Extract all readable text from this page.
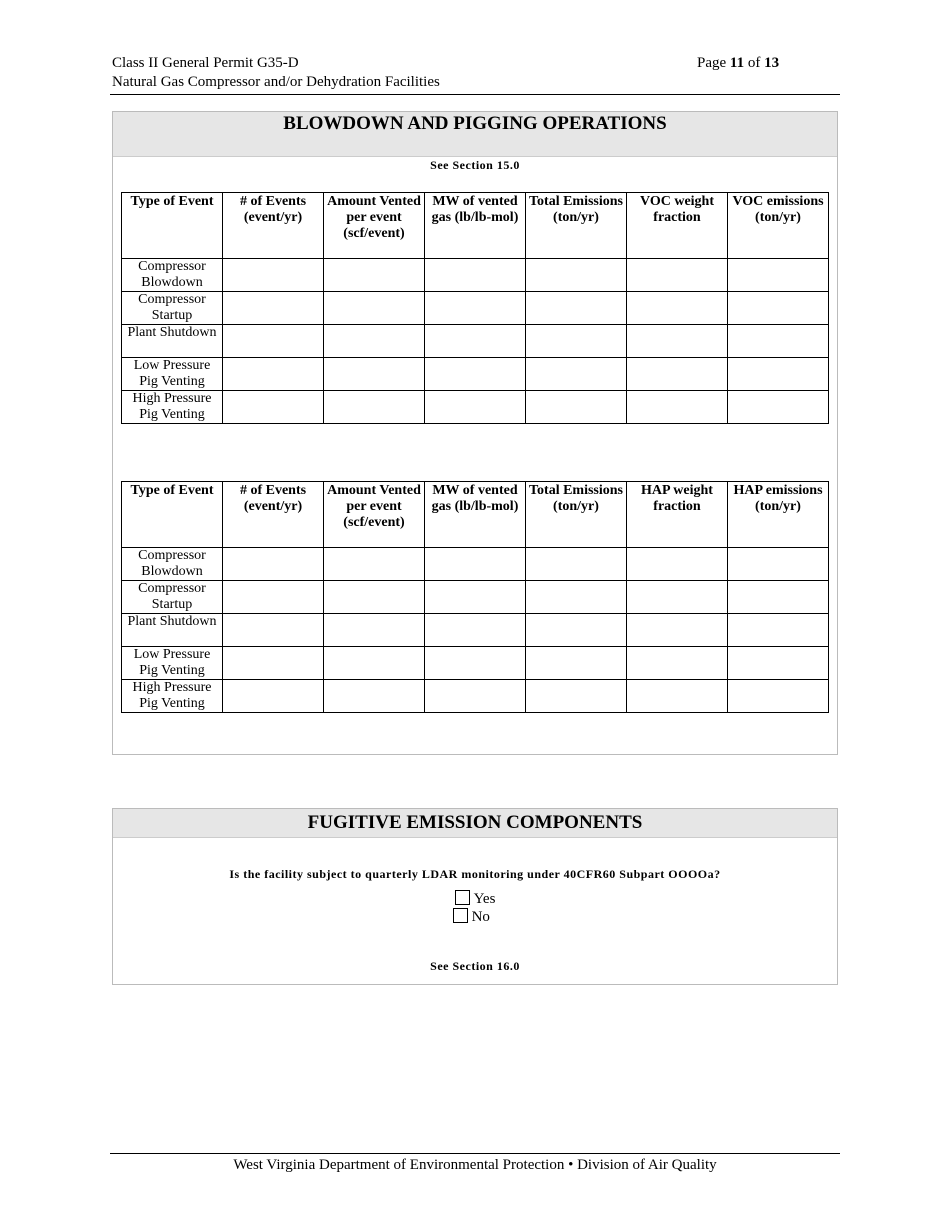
Class II General Permit G35-D
Natural Gas Compressor and/or Dehydration Facilities
Page 11 of 13
BLOWDOWN AND PIGGING OPERATIONS
See Section 15.0
Type of Event	# of Events (event/yr)	Amount Vented per event (scf/event)	MW of vented gas (lb/lb-mol)	Total Emissions (ton/yr)	VOC weight fraction	VOC emissions (ton/yr)
Compressor Blowdown						
Compressor Startup						
Plant Shutdown						
Low Pressure Pig Venting						
High Pressure Pig Venting						
Type of Event	# of Events (event/yr)	Amount Vented per event (scf/event)	MW of vented gas (lb/lb-mol)	Total Emissions (ton/yr)	HAP weight fraction	HAP emissions (ton/yr)
Compressor Blowdown						
Compressor Startup						
Plant Shutdown						
Low Pressure Pig Venting						
High Pressure Pig Venting						
FUGITIVE EMISSION COMPONENTS
Is the facility subject to quarterly LDAR monitoring under 40CFR60 Subpart OOOOa?
Yes
No
See Section 16.0
West Virginia Department of Environmental Protection • Division of Air Quality
